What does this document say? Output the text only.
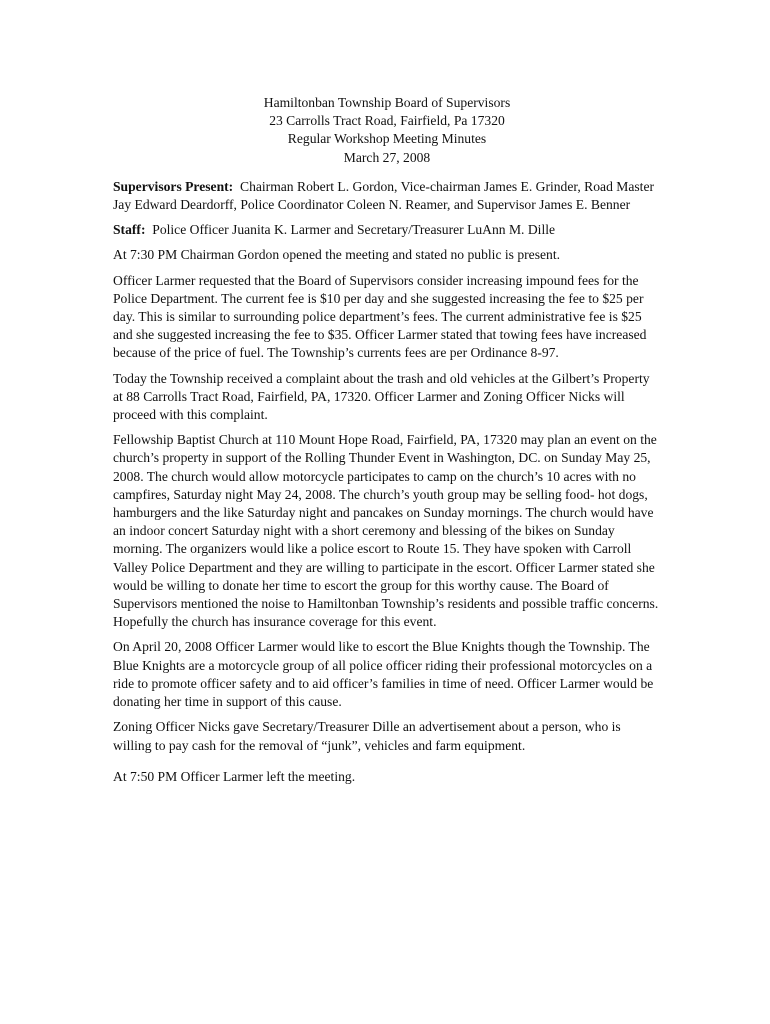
Hamiltonban Township Board of Supervisors
23 Carrolls Tract Road, Fairfield, Pa 17320
Regular Workshop Meeting Minutes
March 27, 2008

Supervisors Present: Chairman Robert L. Gordon, Vice-chairman James E. Grinder, Road Master Jay Edward Deardorff, Police Coordinator Coleen N. Reamer, and Supervisor James E. Benner

Staff: Police Officer Juanita K. Larmer and Secretary/Treasurer LuAnn M. Dille

At 7:30 PM Chairman Gordon opened the meeting and stated no public is present.

Officer Larmer requested that the Board of Supervisors consider increasing impound fees for the Police Department. The current fee is $10 per day and she suggested increasing the fee to $25 per day. This is similar to surrounding police department’s fees. The current administrative fee is $25 and she suggested increasing the fee to $35. Officer Larmer stated that towing fees have increased because of the price of fuel. The Township’s currents fees are per Ordinance 8-97.

Today the Township received a complaint about the trash and old vehicles at the Gilbert’s Property at 88 Carrolls Tract Road, Fairfield, PA, 17320. Officer Larmer and Zoning Officer Nicks will proceed with this complaint.

Fellowship Baptist Church at 110 Mount Hope Road, Fairfield, PA, 17320 may plan an event on the church’s property in support of the Rolling Thunder Event in Washington, DC. on Sunday May 25, 2008. The church would allow motorcycle participates to camp on the church’s 10 acres with no campfires, Saturday night May 24, 2008. The church’s youth group may be selling food- hot dogs, hamburgers and the like Saturday night and pancakes on Sunday mornings. The church would have an indoor concert Saturday night with a short ceremony and blessing of the bikes on Sunday morning. The organizers would like a police escort to Route 15. They have spoken with Carroll Valley Police Department and they are willing to participate in the escort. Officer Larmer stated she would be willing to donate her time to escort the group for this worthy cause. The Board of Supervisors mentioned the noise to Hamiltonban Township’s residents and possible traffic concerns. Hopefully the church has insurance coverage for this event.

On April 20, 2008 Officer Larmer would like to escort the Blue Knights though the Township. The Blue Knights are a motorcycle group of all police officer riding their professional motorcycles on a ride to promote officer safety and to aid officer’s families in time of need. Officer Larmer would be donating her time in support of this cause.

Zoning Officer Nicks gave Secretary/Treasurer Dille an advertisement about a person, who is willing to pay cash for the removal of “junk”, vehicles and farm equipment.

At 7:50 PM Officer Larmer left the meeting.
